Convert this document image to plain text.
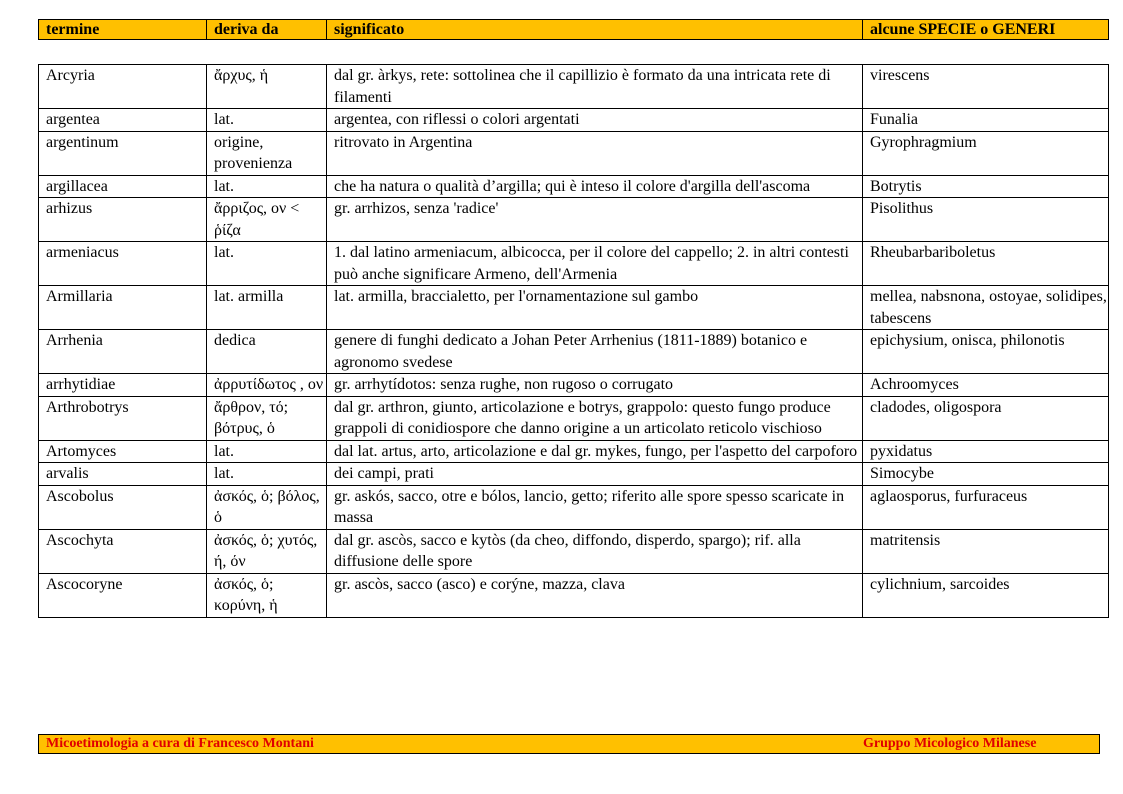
termine	deriva da	significato	alcune SPECIE o GENERI
Arcyria	ἄρχυς, ἡ	dal gr. àrkys, rete: sottolinea che il capillizio è formato da una intricata rete di filamenti	virescens
argentea	lat.	argentea, con riflessi o colori argentati	Funalia
argentinum	origine, provenienza	ritrovato in Argentina	Gyrophragmium
argillacea	lat.	che ha natura o qualità d’argilla; qui è inteso il colore d'argilla dell'ascoma	Botrytis
arhizus	ἄρριζος, ον < ῥίζα	gr. arrhizos, senza 'radice'	Pisolithus
armeniacus	lat.	1. dal latino armeniacum, albicocca, per il colore del cappello; 2. in altri contesti può anche significare Armeno, dell'Armenia	Rheubarbariboletus
Armillaria	lat. armilla	lat. armilla, braccialetto, per l'ornamentazione sul gambo	mellea, nabsnona, ostoyae, solidipes, tabescens
Arrhenia	dedica	genere di funghi dedicato a Johan Peter Arrhenius (1811-1889) botanico e agronomo svedese	epichysium, onisca, philonotis
arrhytidiae	ἀρρυτίδωτος , ον	gr. arrhytídotos: senza rughe, non rugoso o corrugato	Achroomyces
Arthrobotrys	ἄρθρον, τό; βότρυς, ὁ	dal gr. arthron, giunto, articolazione e botrys, grappolo: questo fungo produce grappoli di conidiospore che danno origine a un articolato reticolo vischioso	cladodes, oligospora
Artomyces	lat.	dal lat. artus, arto, articolazione e dal gr. mykes, fungo, per l'aspetto del carpoforo	pyxidatus
arvalis	lat.	dei campi, prati	Simocybe
Ascobolus	ἀσκός, ὁ; βόλος, ὁ	gr. askós, sacco, otre e bólos, lancio, getto; riferito alle spore spesso scaricate in massa	aglaosporus, furfuraceus
Ascochyta	ἀσκός, ὁ; χυτός, ή, όν	dal gr. ascòs, sacco e kytòs (da cheo, diffondo, disperdo, spargo); rif. alla diffusione delle spore	matritensis
Ascocoryne	ἀσκός, ὁ; κορύνη, ἡ	gr. ascòs, sacco (asco) e corýne, mazza, clava	cylichnium, sarcoides
Micoetimologia a cura di Francesco Montani	Gruppo Micologico Milanese
